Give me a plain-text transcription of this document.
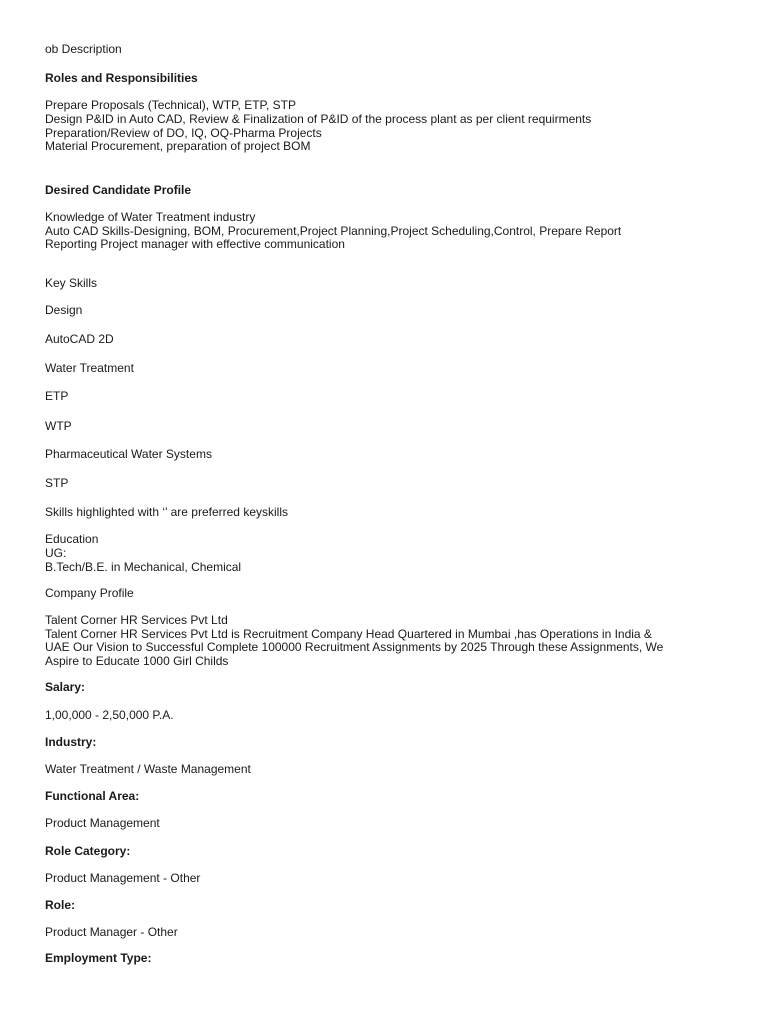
ob Description
Roles and Responsibilities
Prepare Proposals (Technical), WTP, ETP, STP
Design P&ID in Auto CAD, Review & Finalization of P&ID of the process plant as per client requirments
Preparation/Review of DO, IQ, OQ-Pharma Projects
Material Procurement, preparation of project BOM
Desired Candidate Profile
Knowledge of Water Treatment industry
Auto CAD Skills-Designing, BOM, Procurement,Project Planning,Project Scheduling,Control, Prepare Report
Reporting Project manager with effective communication
Key Skills
Design
AutoCAD 2D
Water Treatment
ETP
WTP
Pharmaceutical Water Systems
STP
Skills highlighted with ‘’ are preferred keyskills
Education
UG:
B.Tech/B.E. in Mechanical, Chemical
Company Profile
Talent Corner HR Services Pvt Ltd
Talent Corner HR Services Pvt Ltd is Recruitment Company Head Quartered in Mumbai ,has Operations in India &
UAE Our Vision to Successful Complete 100000 Recruitment Assignments by 2025 Through these Assignments, We
Aspire to Educate 1000 Girl Childs
Salary:
1,00,000 - 2,50,000 P.A.
Industry:
Water Treatment / Waste Management
Functional Area:
Product Management
Role Category:
Product Management - Other
Role:
Product Manager - Other
Employment Type:
